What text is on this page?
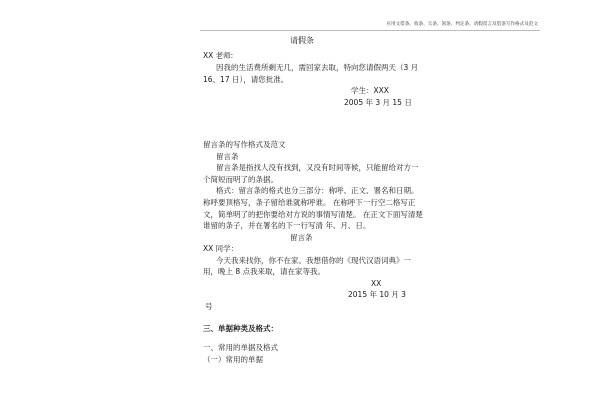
应用文借条、收条、欠条、领条、判定条、请假留言及借条写作格式及范文
请假条
XX 老师:
因我的生活费所剩无几，需回家去取，特向您请假两天（3 月
16、17 日），请您批准。
学生：XXX
2005 年 3 月 15 日
留言条的写作格式及范文
留言条
留言条是指找人没有找到，又没有时间等候，只能留给对方一
个简短而明了的条据。
格式：留言条的格式也分三部分：称呼、正文、署名和日期。
称呼要顶格写，条子留给谁就称呼谁。 在称呼下一行空二格写正
文，简单明了的把你要给对方说的事情写清楚。 在正文下面写清楚
谁留的条子，并在署名的下一行写清 年、月、日。
留言条
XX 同学：
今天我来找你，你不在家。我想借你的《现代汉语词典》一
用，晚上 8 点我来取，请在家等我。
XX
2015 年 10 月 3
号
三、单据种类及格式：
一、常用的单据及格式
（一）常用的单据
